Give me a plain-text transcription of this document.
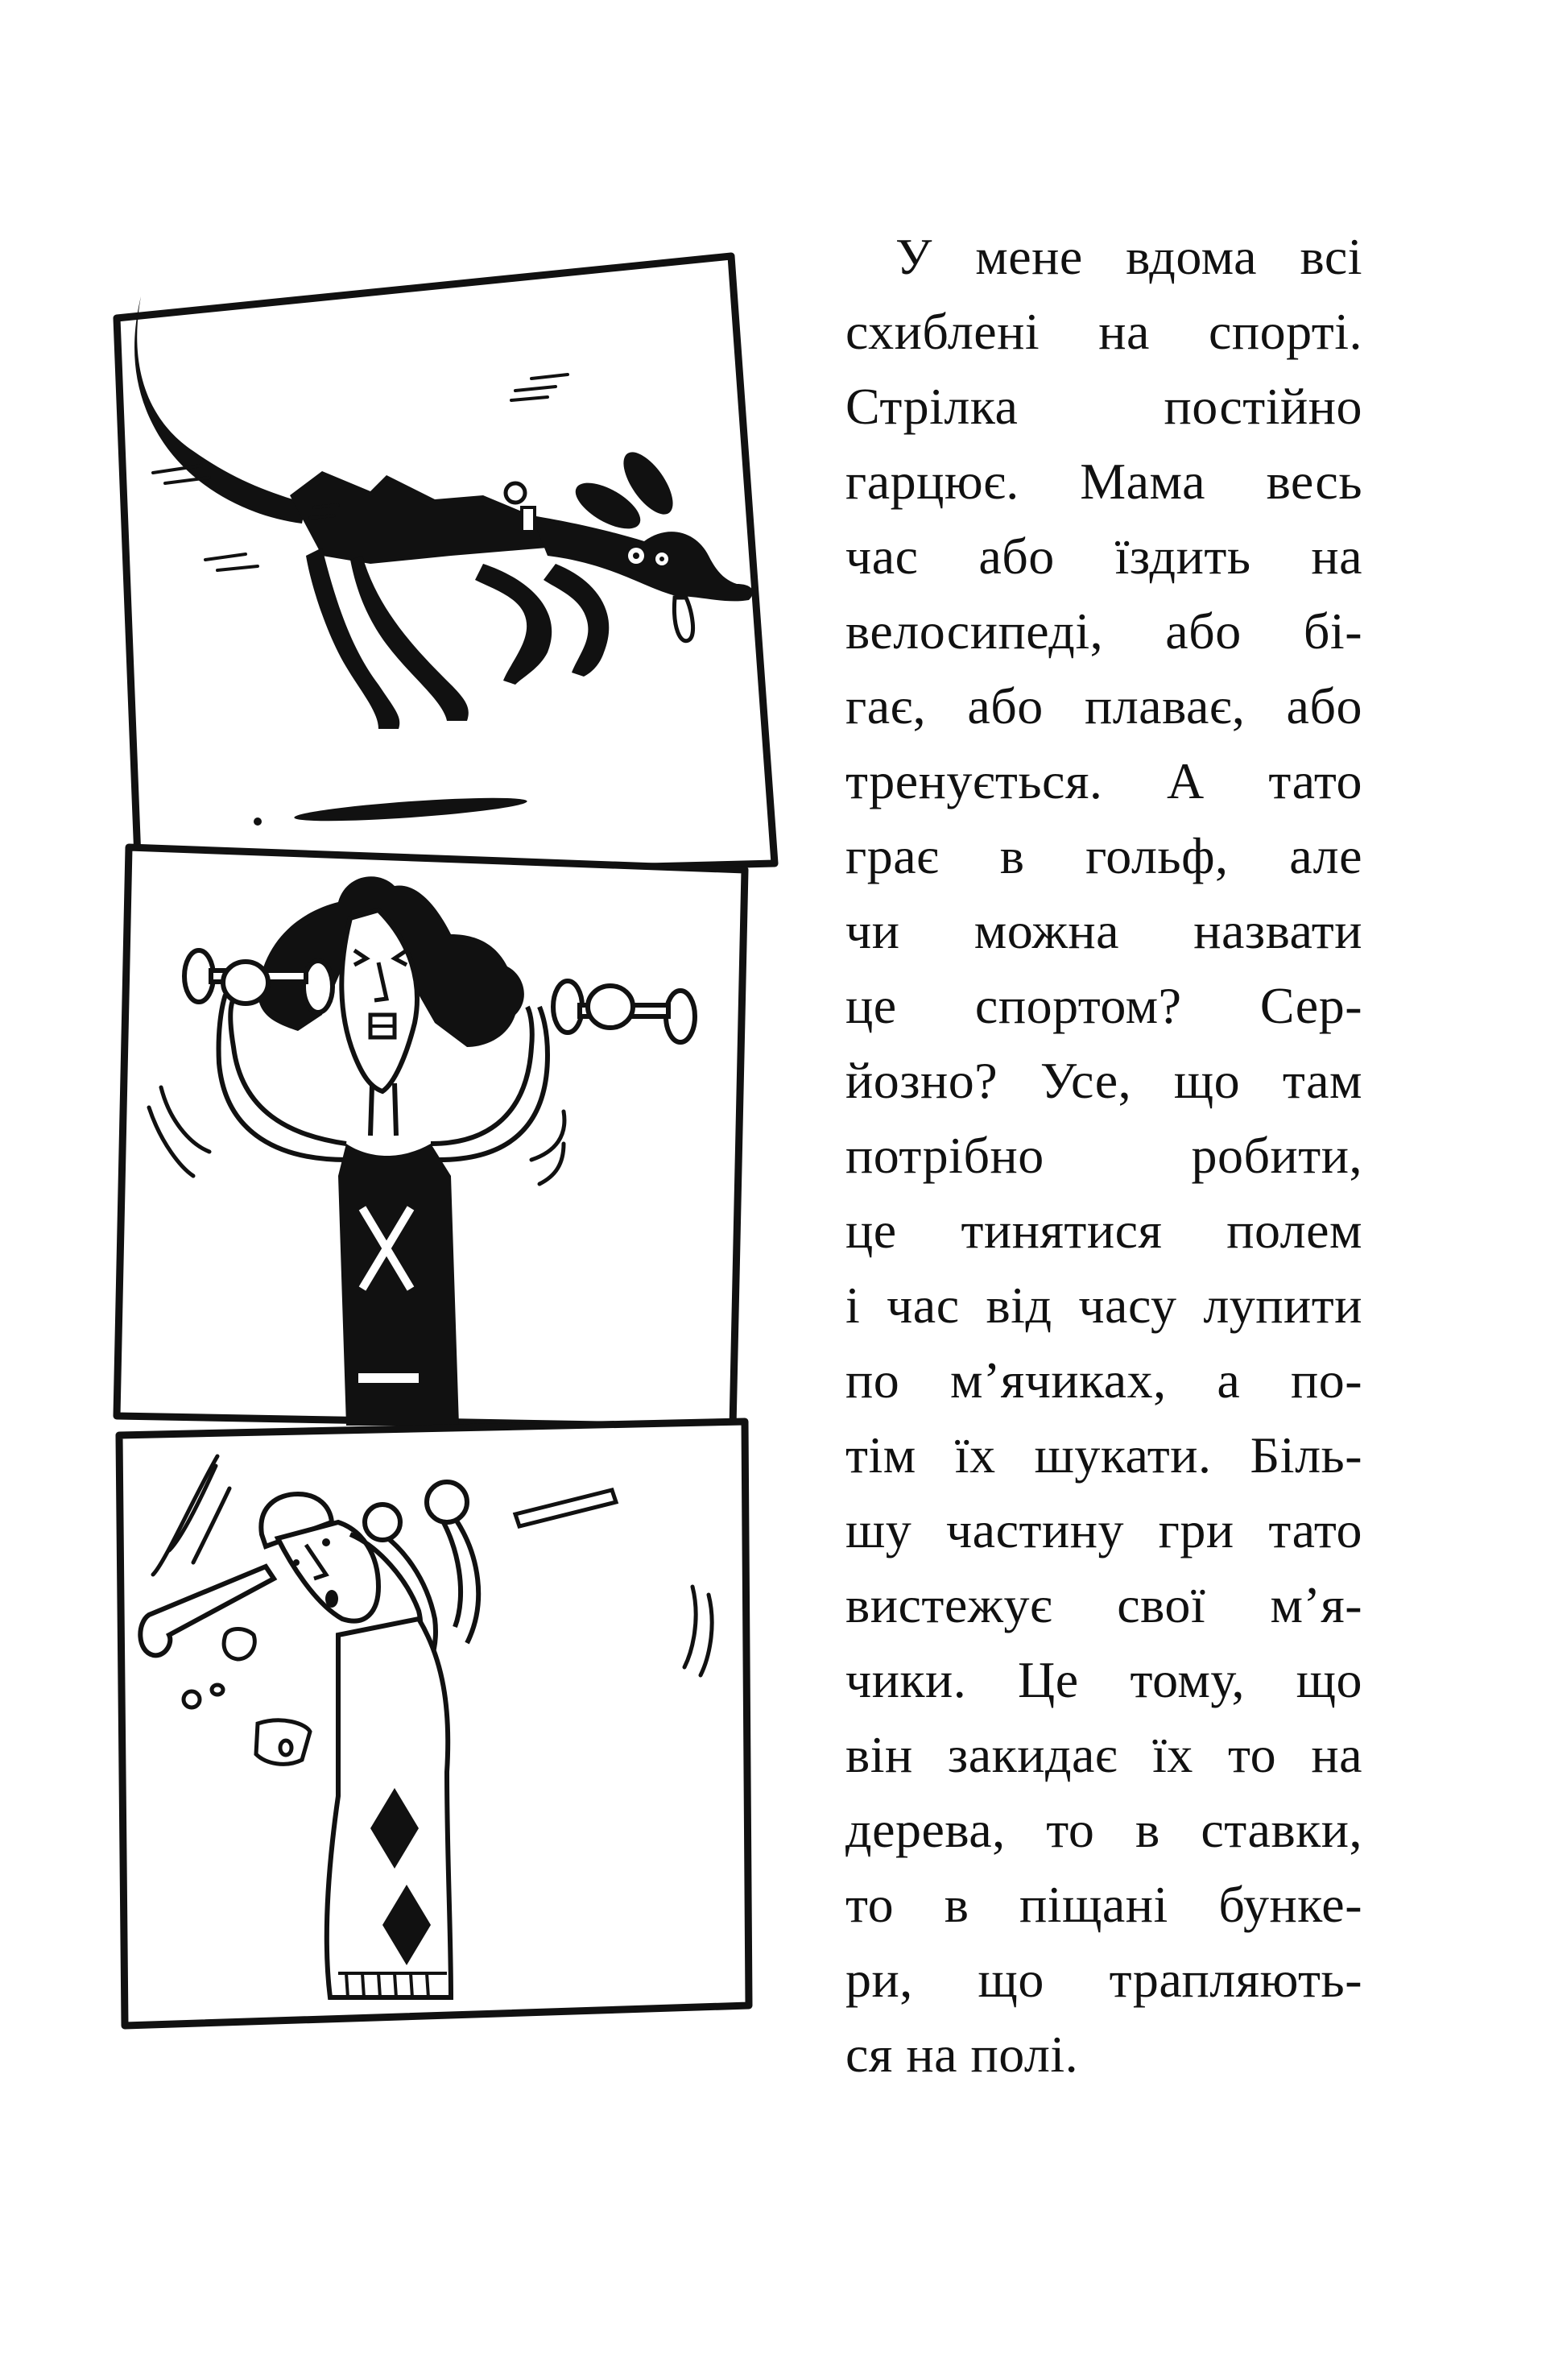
У мене вдома всі
схиблені на спорті.
Стрілка постійно
гарцює. Мама весь
час або їздить на
велосипеді, або бі-
гає, або плаває, або
тренується. А тато
грає в гольф, але
чи можна назвати
це спортом? Сер-
йозно? Усе, що там
потрібно робити,
це тинятися полем
і час від часу лупити
по м’ячиках, а по-
тім їх шукати. Біль-
шу частину гри тато
вистежує свої м’я-
чики. Це тому, що
він закидає їх то на
дерева, то в ставки,
то в піщані бунке-
ри, що трапляють-
ся на полі.
